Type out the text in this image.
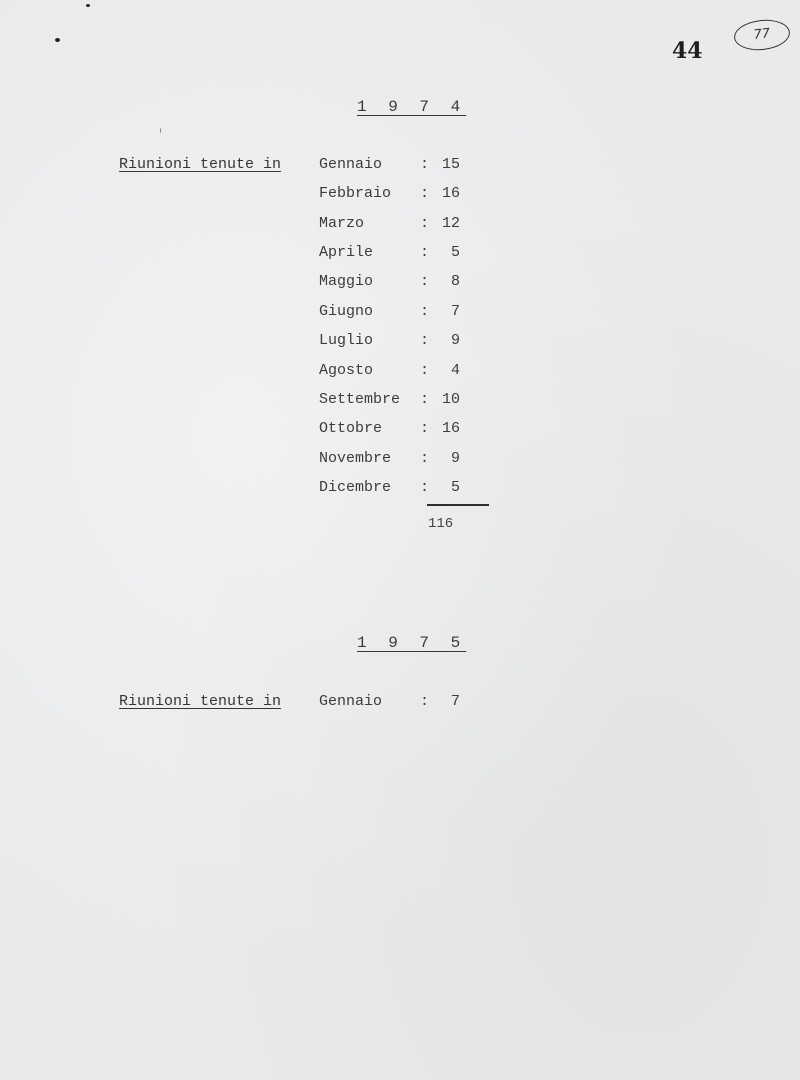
44
77
1 9 7 4
Riunioni tenute in	Gennaio	: 15
Febbraio : 16
Marzo	: 12
Aprile	:	5
Maggio	:	8
Giugno	:	7
Luglio	:	9
Agosto	:	4
Settembre : 10
Ottobre	: 16
Novembre :	9
Dicembre :	5
116
1 9 7 5
Riunioni tenute in	Gennaio	:	7
